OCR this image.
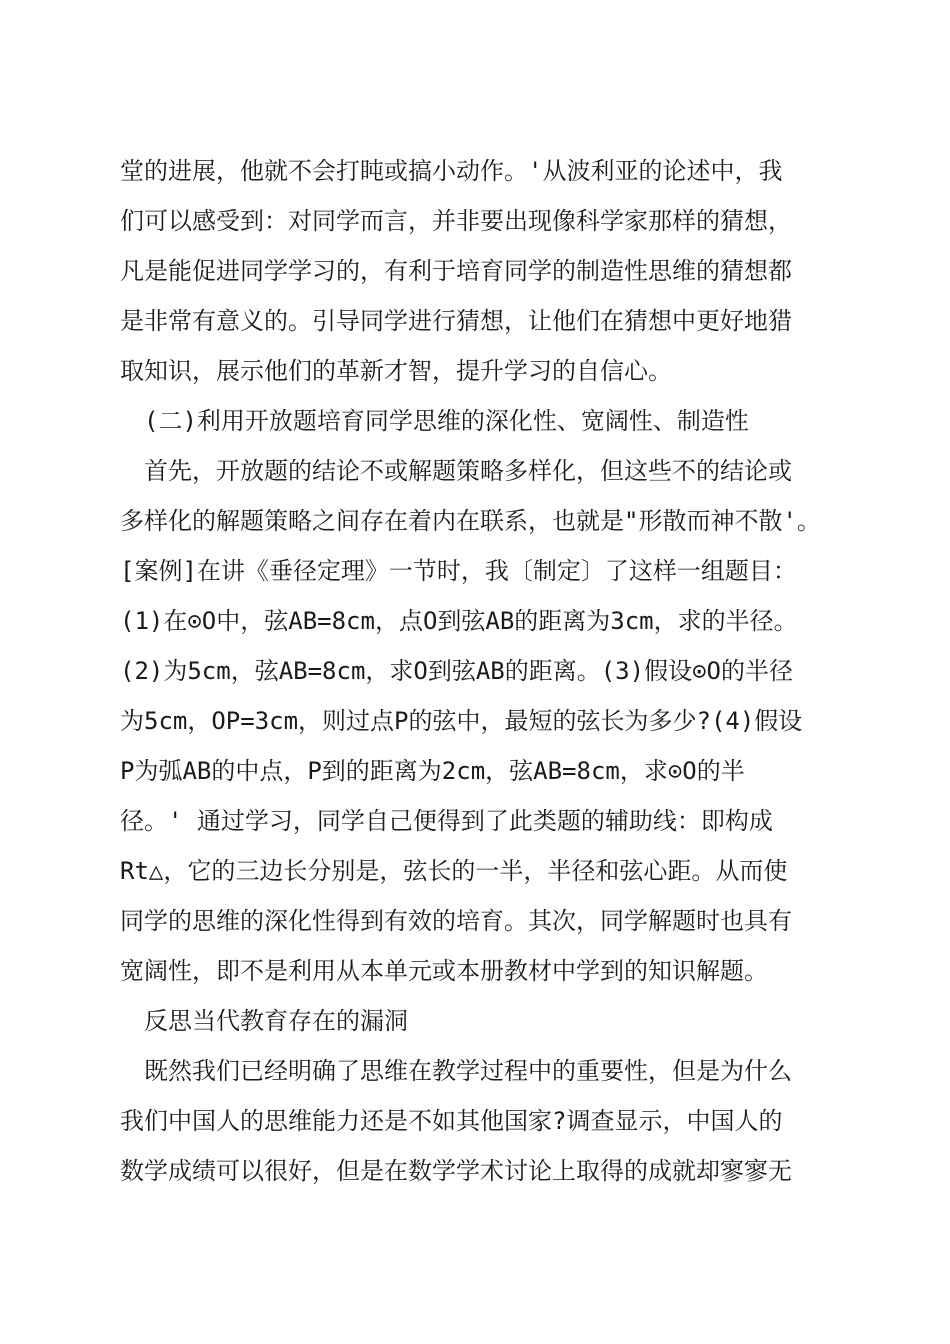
堂的进展，他就不会打盹或搞小动作。'从波利亚的论述中，我
们可以感受到：对同学而言，并非要出现像科学家那样的猜想，
凡是能促进同学学习的，有利于培育同学的制造性思维的猜想都
是非常有意义的。引导同学进行猜想，让他们在猜想中更好地猎
取知识，展示他们的革新才智，提升学习的自信心。
(二)利用开放题培育同学思维的深化性、宽阔性、制造性
首先，开放题的结论不或解题策略多样化，但这些不的结论或
多样化的解题策略之间存在着内在联系，也就是"形散而神不散'。
[案例]在讲《垂径定理》一节时，我〔制定〕了这样一组题目：
(1)在⊙O中，弦AB=8cm，点O到弦AB的距离为3cm，求的半径。
(2)为5cm，弦AB=8cm，求O到弦AB的距离。(3)假设⊙O的半径
为5cm，OP=3cm，则过点P的弦中，最短的弦长为多少?(4)假设
P为弧AB的中点，P到的距离为2cm，弦AB=8cm，求⊙O的半
径。' 通过学习，同学自己便得到了此类题的辅助线：即构成
Rt△，它的三边长分别是，弦长的一半，半径和弦心距。从而使
同学的思维的深化性得到有效的培育。其次，同学解题时也具有
宽阔性，即不是利用从本单元或本册教材中学到的知识解题。
反思当代教育存在的漏洞
既然我们已经明确了思维在教学过程中的重要性，但是为什么
我们中国人的思维能力还是不如其他国家?调查显示，中国人的
数学成绩可以很好，但是在数学学术讨论上取得的成就却寥寥无
